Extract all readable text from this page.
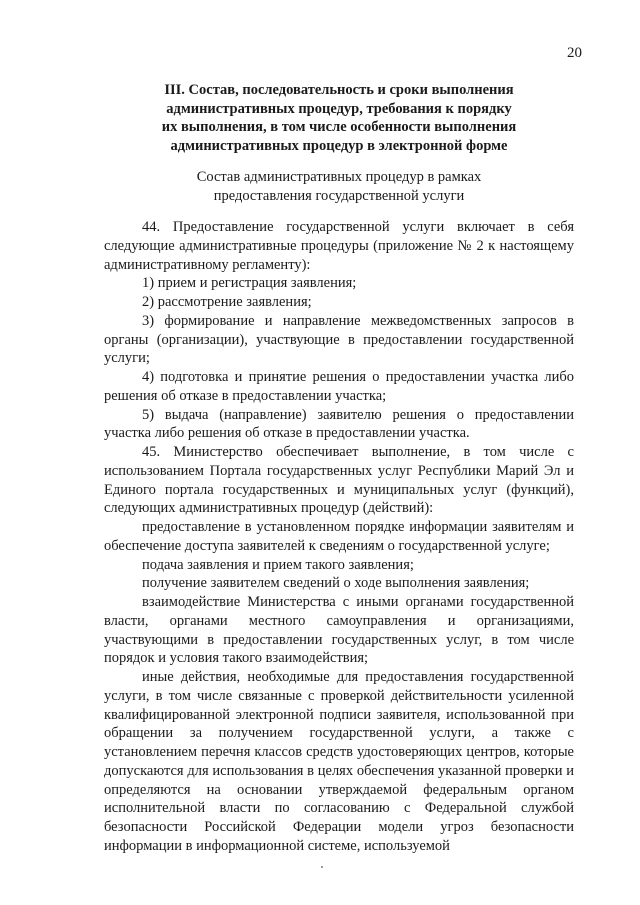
20
III. Состав, последовательность и сроки выполнения
административных процедур, требования к порядку
их выполнения, в том числе особенности выполнения
административных процедур в электронной форме
Состав административных процедур в рамках
предоставления государственной услуги

44. Предоставление государственной услуги включает в себя следующие административные процедуры (приложение № 2 к настоящему административному регламенту):

1) прием и регистрация заявления;

2) рассмотрение заявления;

3) формирование и направление межведомственных запросов в органы (организации), участвующие в предоставлении государственной услуги;

4) подготовка и принятие решения о предоставлении участка либо решения об отказе в предоставлении участка;

5) выдача (направление) заявителю решения о предоставлении участка либо решения об отказе в предоставлении участка.

45. Министерство обеспечивает выполнение, в том числе с использованием Портала государственных услуг Республики Марий Эл и Единого портала государственных и муниципальных услуг (функций), следующих административных процедур (действий):

предоставление в установленном порядке информации заявителям и обеспечение доступа заявителей к сведениям о государственной услуге;

подача заявления и прием такого заявления;

получение заявителем сведений о ходе выполнения заявления;

взаимодействие Министерства с иными органами государственной власти, органами местного самоуправления и организациями, участвующими в предоставлении государственных услуг, в том числе порядок и условия такого взаимодействия;

иные действия, необходимые для предоставления государственной услуги, в том числе связанные с проверкой действительности усиленной квалифицированной электронной подписи заявителя, использованной при обращении за получением государственной услуги, а также с установлением перечня классов средств удостоверяющих центров, которые допускаются для использования в целях обеспечения указанной проверки и определяются на основании утверждаемой федеральным органом исполнительной власти по согласованию с Федеральной службой безопасности Российской Федерации модели угроз безопасности информации в информационной системе, используемой
